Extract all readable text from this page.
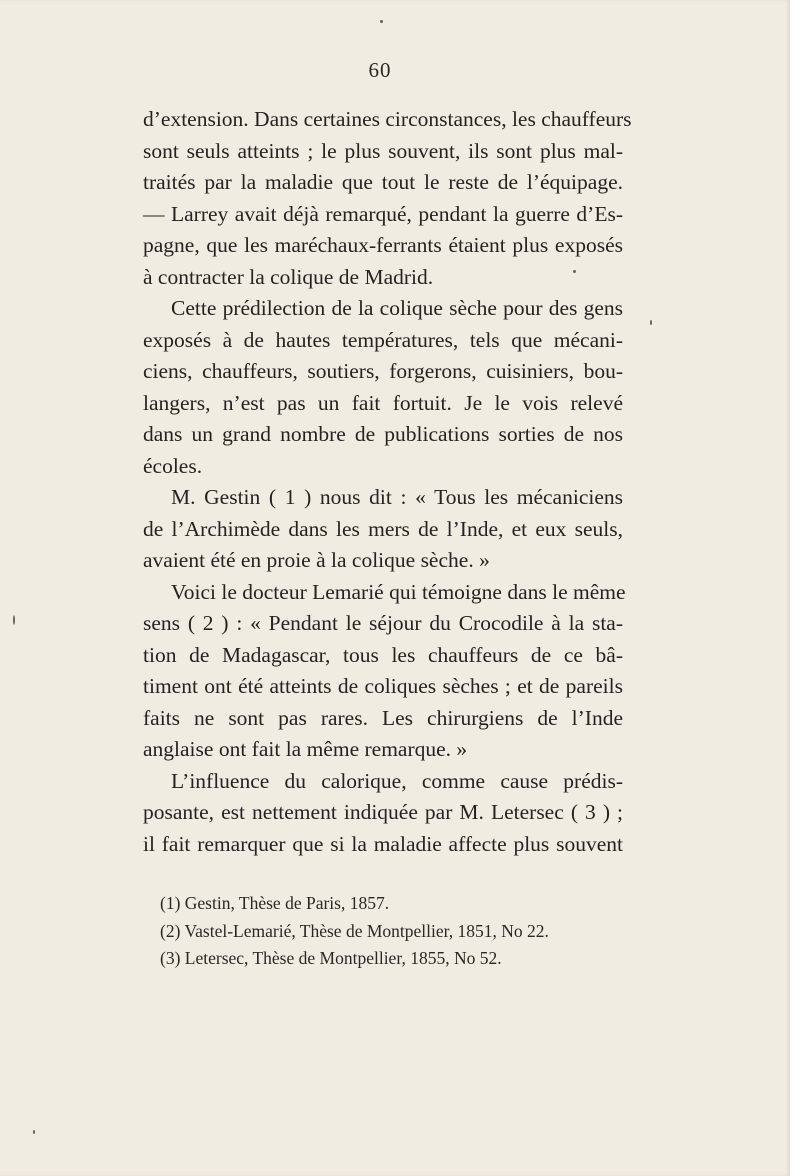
60
d’extension. Dans certaines circonstances, les chauffeurs
sont seuls atteints ; le plus souvent, ils sont plus mal-
traités par la maladie que tout le reste de l’équipage.
— Larrey avait déjà remarqué, pendant la guerre d’Es-
pagne, que les maréchaux-ferrants étaient plus exposés
à contracter la colique de Madrid.
Cette prédilection de la colique sèche pour des gens
exposés à de hautes températures, tels que mécani-
ciens, chauffeurs, soutiers, forgerons, cuisiniers, bou-
langers, n’est pas un fait fortuit. Je le vois relevé
dans un grand nombre de publications sorties de nos
écoles.
M. Gestin ( 1 ) nous dit : « Tous les mécaniciens
de l’Archimède dans les mers de l’Inde, et eux seuls,
avaient été en proie à la colique sèche. »
Voici le docteur Lemarié qui témoigne dans le même
sens ( 2 ) : « Pendant le séjour du Crocodile à la sta-
tion de Madagascar, tous les chauffeurs de ce bâ-
timent ont été atteints de coliques sèches ; et de pareils
faits ne sont pas rares. Les chirurgiens de l’Inde
anglaise ont fait la même remarque. »
L’influence du calorique, comme cause prédis-
posante, est nettement indiquée par M. Letersec ( 3 ) ;
il fait remarquer que si la maladie affecte plus souvent
(1) Gestin, Thèse de Paris, 1857.
(2) Vastel-Lemarié, Thèse de Montpellier, 1851, No 22.
(3) Letersec, Thèse de Montpellier, 1855, No 52.
